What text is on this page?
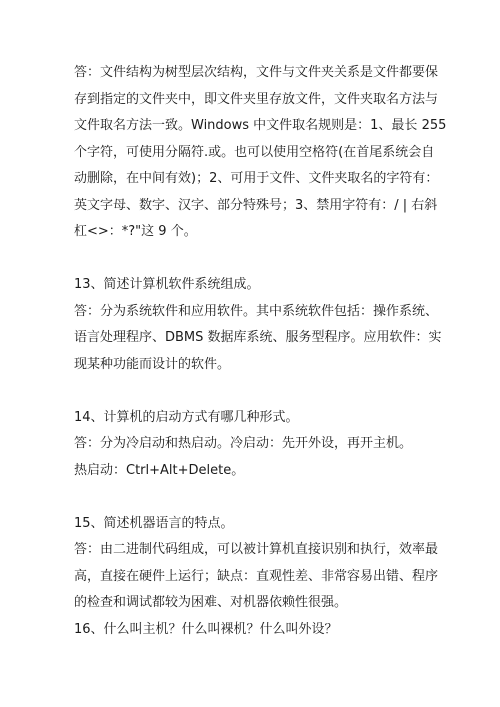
答：文件结构为树型层次结构，文件与文件夹关系是文件都要保
存到指定的文件夹中，即文件夹里存放文件，文件夹取名方法与
文件取名方法一致。Windows 中文件取名规则是：1、最长 255
个字符，可使用分隔符.或。也可以使用空格符(在首尾系统会自
动删除，在中间有效)；2、可用于文件、文件夹取名的字符有：
英文字母、数字、汉字、部分特殊号；3、禁用字符有：/ | 右斜
杠<>：*?"这 9 个。
13、简述计算机软件系统组成。
答：分为系统软件和应用软件。其中系统软件包括：操作系统、
语言处理程序、DBMS 数据库系统、服务型程序。应用软件：实
现某种功能而设计的软件。
14、计算机的启动方式有哪几种形式。
答：分为冷启动和热启动。冷启动：先开外设，再开主机。
热启动：Ctrl+Alt+Delete。
15、简述机器语言的特点。
答：由二进制代码组成，可以被计算机直接识别和执行，效率最
高，直接在硬件上运行；缺点：直观性差、非常容易出错、程序
的检查和调试都较为困难、对机器依赖性很强。
16、什么叫主机？什么叫裸机？什么叫外设？
